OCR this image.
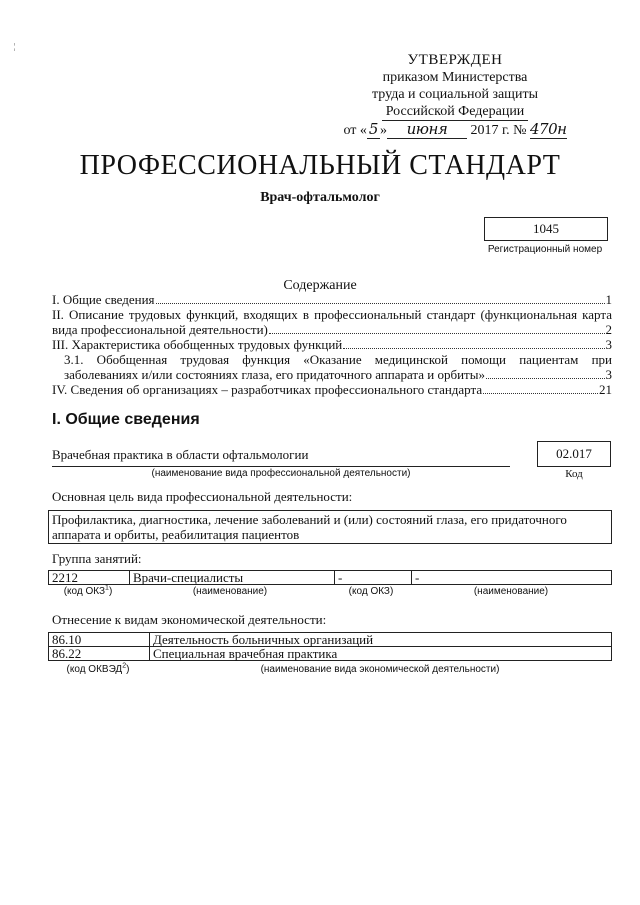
¦
УТВЕРЖДЕН
приказом Министерства
труда и социальной защиты
Российской Федерации
от « 5 » июня 2017 г. № 470н
ПРОФЕССИОНАЛЬНЫЙ СТАНДАРТ
Врач-офтальмолог
1045
Регистрационный номер
Содержание
I. Общие сведения	1
II. Описание трудовых функций, входящих в профессиональный стандарт (функциональная карта
вида профессиональной деятельности)	2
III. Характеристика обобщенных трудовых функций	3
3.1. Обобщенная трудовая функция «Оказание медицинской помощи пациентам при
заболеваниях и/или состояниях глаза, его придаточного аппарата и орбиты»	3
IV. Сведения об организациях – разработчиках профессионального стандарта	21
I. Общие сведения
Врачебная практика в области офтальмологии
(наименование вида профессиональной деятельности)
02.017
Код
Основная цель вида профессиональной деятельности:
Профилактика, диагностика, лечение заболеваний и (или) состояний глаза, его придаточного
аппарата и орбиты, реабилитация пациентов
Группа занятий:
2212	Врачи-специалисты	-	-
(код ОКЗ$^1$)	(наименование)	(код ОКЗ)	(наименование)
Отнесение к видам экономической деятельности:
86.10	Деятельность больничных организаций
86.22	Специальная врачебная практика
(код ОКВЭД$^2$)	(наименование вида экономической деятельности)
